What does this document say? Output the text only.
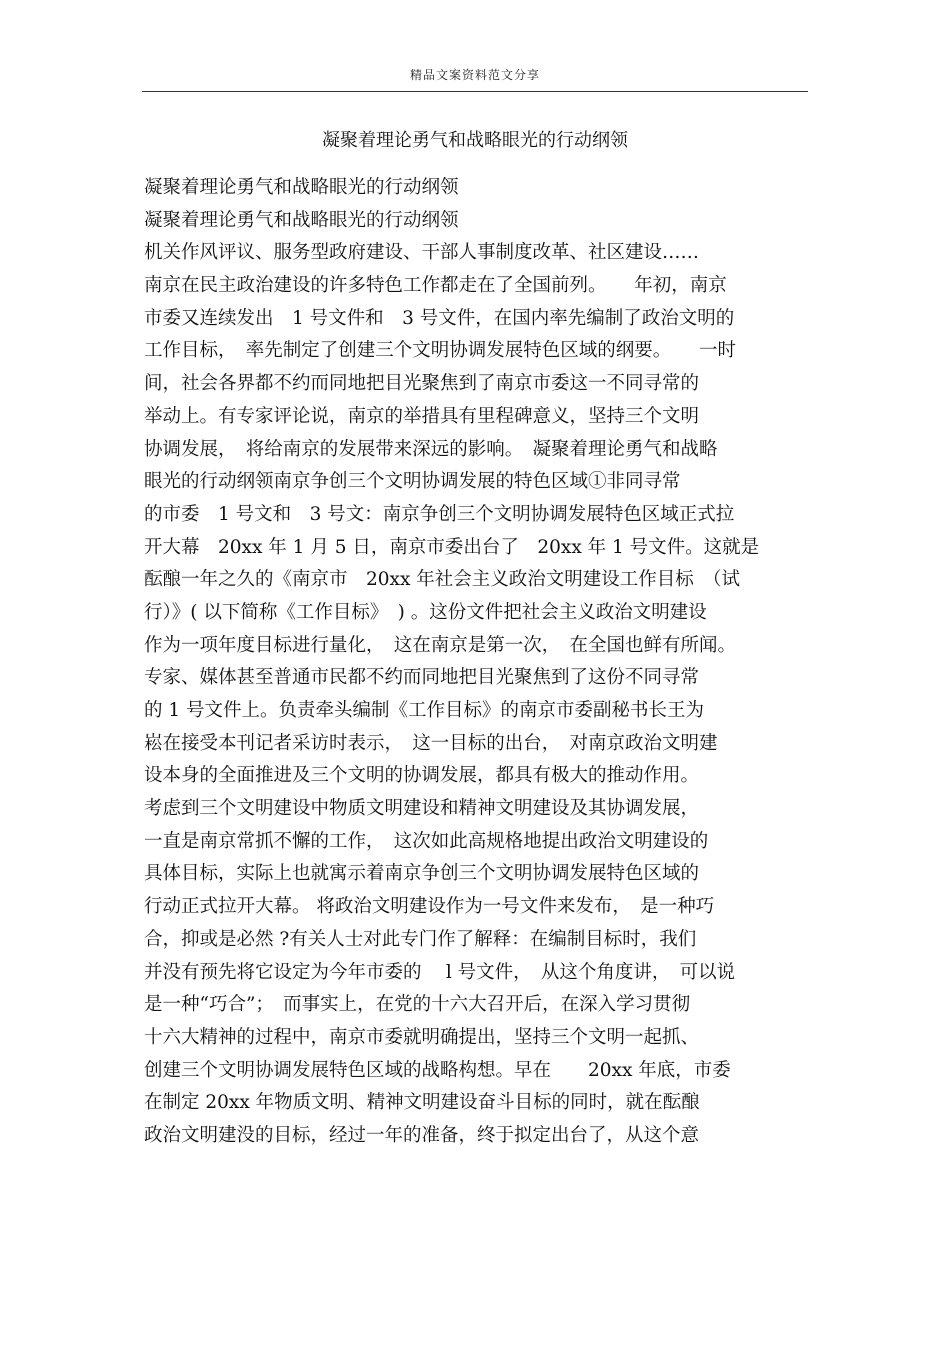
精品文案资料范文分享
凝聚着理论勇气和战略眼光的行动纲领
凝聚着理论勇气和战略眼光的行动纲领
凝聚着理论勇气和战略眼光的行动纲领
机关作风评议、服务型政府建设、干部人事制度改革、社区建设……
南京在民主政治建设的许多特色工作都走在了全国前列。　　年初，南京
市委又连续发出　1 号文件和　3 号文件，在国内率先编制了政治文明的
工作目标，　率先制定了创建三个文明协调发展特色区域的纲要。　　一时
间，社会各界都不约而同地把目光聚焦到了南京市委这一不同寻常的
举动上。有专家评论说，南京的举措具有里程碑意义，坚持三个文明
协调发展，　将给南京的发展带来深远的影响。　凝聚着理论勇气和战略
眼光的行动纲领南京争创三个文明协调发展的特色区域①非同寻常
的市委　1 号文和　3 号文：南京争创三个文明协调发展特色区域正式拉
开大幕　20xx 年 1 月 5 日，南京市委出台了　20xx 年 1 号文件。这就是
酝酿一年之久的《南京市　20xx 年社会主义政治文明建设工作目标　（试
行）》( 以下简称《工作目标》　) 。这份文件把社会主义政治文明建设
作为一项年度目标进行量化，　这在南京是第一次，　在全国也鲜有所闻。
专家、媒体甚至普通市民都不约而同地把目光聚焦到了这份不同寻常
的 1 号文件上。负责牵头编制《工作目标》的南京市委副秘书长王为
崧在接受本刊记者采访时表示，　这一目标的出台，　对南京政治文明建
设本身的全面推进及三个文明的协调发展，都具有极大的推动作用。
考虑到三个文明建设中物质文明建设和精神文明建设及其协调发展，
一直是南京常抓不懈的工作，　这次如此高规格地提出政治文明建设的
具体目标，实际上也就寓示着南京争创三个文明协调发展特色区域的
行动正式拉开大幕。 将政治文明建设作为一号文件来发布，　是一种巧
合，抑或是必然 ?有关人士对此专门作了解释：在编制目标时，我们
并没有预先将它设定为今年市委的　 l 号文件，　从这个角度讲，　可以说
是一种“巧合”；　而事实上，在党的十六大召开后，在深入学习贯彻
十六大精神的过程中，南京市委就明确提出，坚持三个文明一起抓、
创建三个文明协调发展特色区域的战略构想。早在　　20xx 年底，市委
在制定 20xx 年物质文明、精神文明建设奋斗目标的同时，就在酝酿
政治文明建没的目标，经过一年的准备，终于拟定出台了，从这个意
